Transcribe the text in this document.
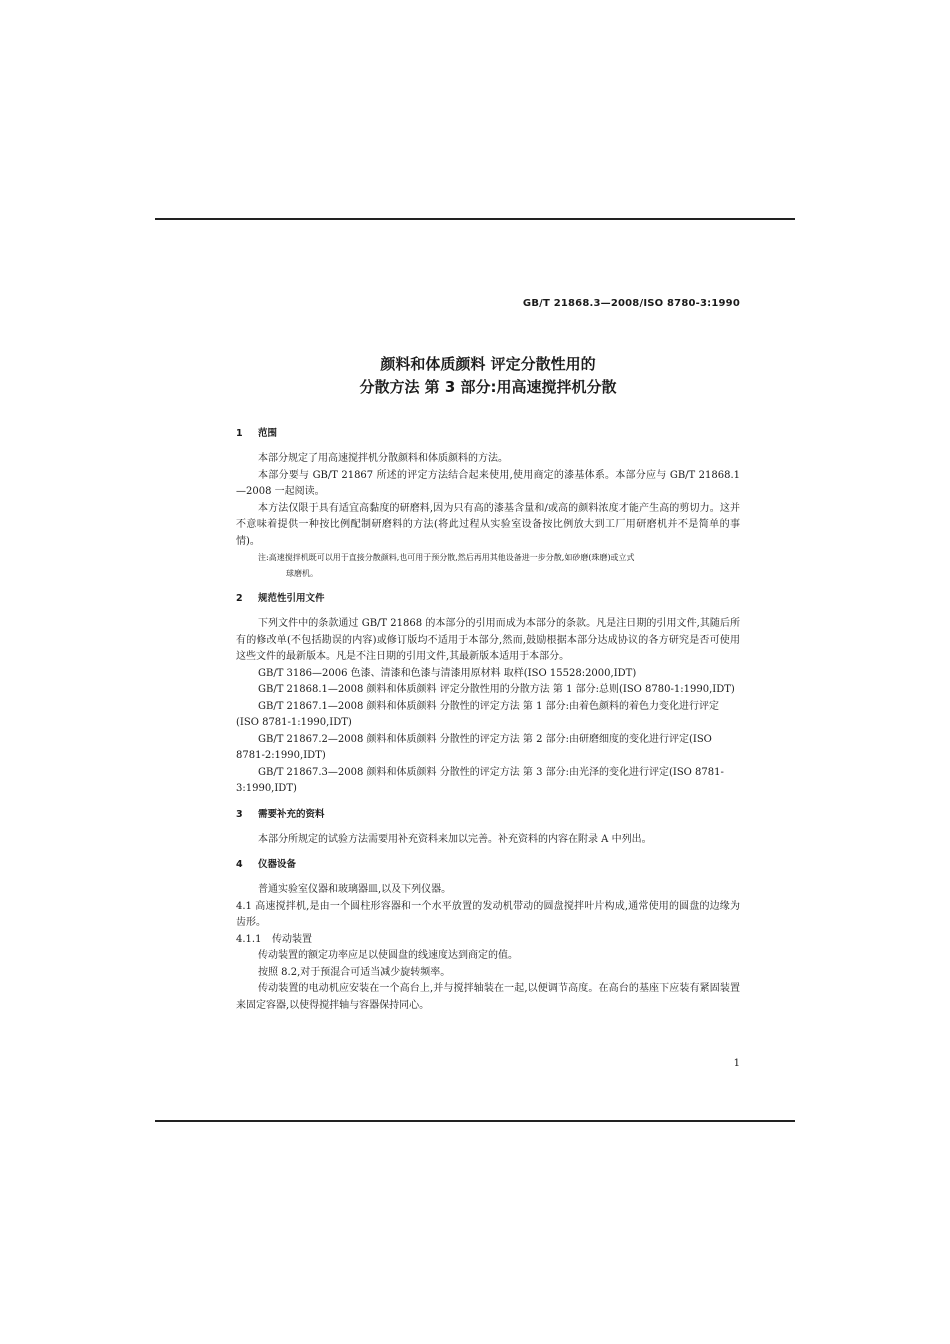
GB/T 21868.3—2008/ISO 8780-3:1990
颜料和体质颜料 评定分散性用的
分散方法 第 3 部分:用高速搅拌机分散
1 范围

本部分规定了用高速搅拌机分散颜料和体质颜料的方法。

本部分要与 GB/T 21867 所述的评定方法结合起来使用,使用商定的漆基体系。本部分应与 GB/T 21868.1—2008 一起阅读。

本方法仅限于具有适宜高黏度的研磨料,因为只有高的漆基含量和/或高的颜料浓度才能产生高的剪切力。这并不意味着提供一种按比例配制研磨料的方法(将此过程从实验室设备按比例放大到工厂用研磨机并不是简单的事情)。

注:高速搅拌机既可以用于直接分散颜料,也可用于预分散,然后再用其他设备进一步分散,如砂磨(珠磨)或立式
球磨机。
2 规范性引用文件

下列文件中的条款通过 GB/T 21868 的本部分的引用而成为本部分的条款。凡是注日期的引用文件,其随后所有的修改单(不包括勘误的内容)或修订版均不适用于本部分,然而,鼓励根据本部分达成协议的各方研究是否可使用这些文件的最新版本。凡是不注日期的引用文件,其最新版本适用于本部分。

GB/T 3186—2006 色漆、清漆和色漆与清漆用原材料 取样(ISO 15528:2000,IDT)

GB/T 21868.1—2008 颜料和体质颜料 评定分散性用的分散方法 第 1 部分:总则(ISO 8780-1:1990,IDT)

GB/T 21867.1—2008 颜料和体质颜料 分散性的评定方法 第 1 部分:由着色颜料的着色力变化进行评定(ISO 8781-1:1990,IDT)

GB/T 21867.2—2008 颜料和体质颜料 分散性的评定方法 第 2 部分:由研磨细度的变化进行评定(ISO 8781-2:1990,IDT)

GB/T 21867.3—2008 颜料和体质颜料 分散性的评定方法 第 3 部分:由光泽的变化进行评定(ISO 8781-3:1990,IDT)

3 需要补充的资料

本部分所规定的试验方法需要用补充资料来加以完善。补充资料的内容在附录 A 中列出。

4 仪器设备

普通实验室仪器和玻璃器皿,以及下列仪器。

4.1 高速搅拌机,是由一个圆柱形容器和一个水平放置的发动机带动的圆盘搅拌叶片构成,通常使用的圆盘的边缘为齿形。

4.1.1 传动装置

传动装置的额定功率应足以使圆盘的线速度达到商定的值。

按照 8.2,对于预混合可适当减少旋转频率。

传动装置的电动机应安装在一个高台上,并与搅拌轴装在一起,以便调节高度。在高台的基座下应装有紧固装置来固定容器,以使得搅拌轴与容器保持同心。

1
